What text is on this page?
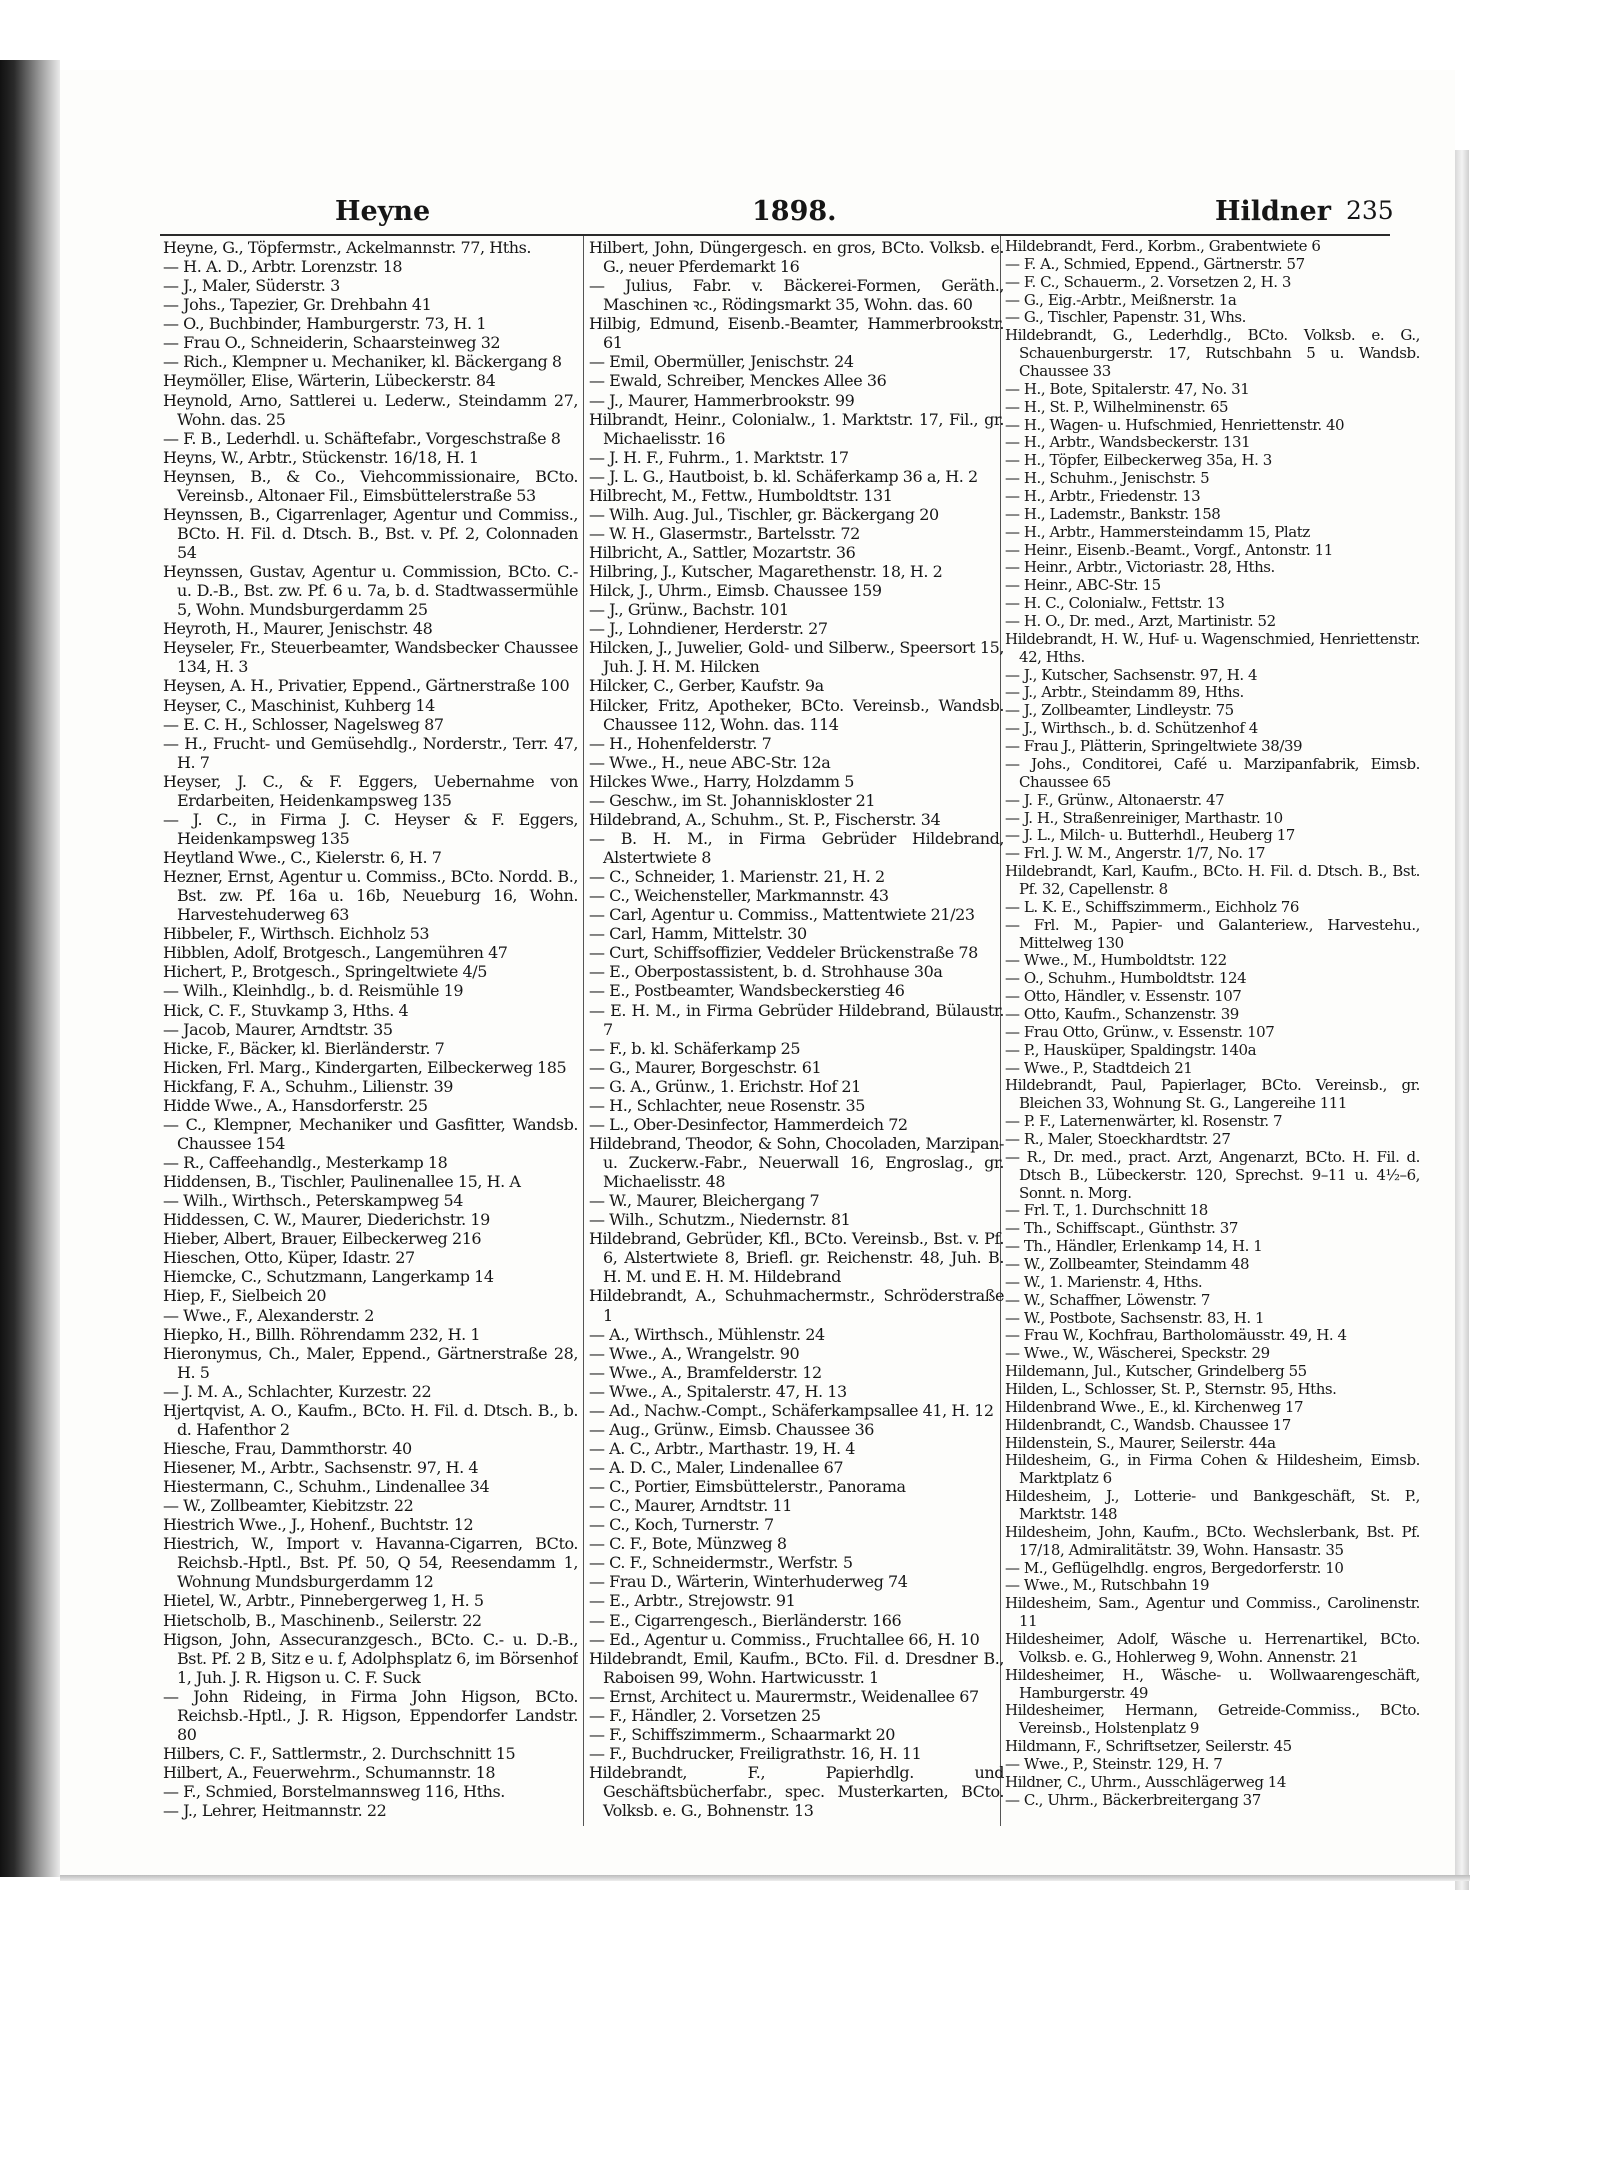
Heyne	1898.	Hildner 235

Heyne, G., Töpfermstr., Ackelmannstr. 77, Hths.

— H. A. D., Arbtr. Lorenzstr. 18

— J., Maler, Süderstr. 3

— Johs., Tapezier, Gr. Drehbahn 41

— O., Buchbinder, Hamburgerstr. 73, H. 1

— Frau O., Schneiderin, Schaarsteinweg 32

— Rich., Klempner u. Mechaniker, kl. Bäckergang 8

Heymöller, Elise, Wärterin, Lübeckerstr. 84

Heynold, Arno, Sattlerei u. Lederw., Steindamm 27, Wohn. das. 25

— F. B., Lederhdl. u. Schäftefabr., Vorgeschstraße 8

Heyns, W., Arbtr., Stückenstr. 16/18, H. 1

Heynsen, B., & Co., Viehcommissionaire, BCto. Vereinsb., Altonaer Fil., Eimsbüttelerstraße 53

Heynssen, B., Cigarrenlager, Agentur und Commiss., BCto. H. Fil. d. Dtsch. B., Bst. v. Pf. 2, Colonnaden 54

Heynssen, Gustav, Agentur u. Commission, BCto. C.-u. D.-B., Bst. zw. Pf. 6 u. 7a, b. d. Stadtwassermühle 5, Wohn. Mundsburgerdamm 25

Heyroth, H., Maurer, Jenischstr. 48

Heyseler, Fr., Steuerbeamter, Wandsbecker Chaussee 134, H. 3

Heysen, A. H., Privatier, Eppend., Gärtnerstraße 100

Heyser, C., Maschinist, Kuhberg 14

— E. C. H., Schlosser, Nagelsweg 87

— H., Frucht- und Gemüsehdlg., Norderstr., Terr. 47, H. 7

Heyser, J. C., & F. Eggers, Uebernahme von Erdarbeiten, Heidenkampsweg 135

— J. C., in Firma J. C. Heyser & F. Eggers, Heidenkampsweg 135

Heytland Wwe., C., Kielerstr. 6, H. 7

Hezner, Ernst, Agentur u. Commiss., BCto. Nordd. B., Bst. zw. Pf. 16a u. 16b, Neueburg 16, Wohn. Harvestehuderweg 63

Hibbeler, F., Wirthsch. Eichholz 53

Hibblen, Adolf, Brotgesch., Langemühren 47

Hichert, P., Brotgesch., Springeltwiete 4/5

— Wilh., Kleinhdlg., b. d. Reismühle 19

Hick, C. F., Stuvkamp 3, Hths. 4

— Jacob, Maurer, Arndtstr. 35

Hicke, F., Bäcker, kl. Bierländerstr. 7

Hicken, Frl. Marg., Kindergarten, Eilbeckerweg 185

Hickfang, F. A., Schuhm., Lilienstr. 39

Hidde Wwe., A., Hansdorferstr. 25

— C., Klempner, Mechaniker und Gasfitter, Wandsb. Chaussee 154

— R., Caffeehandlg., Mesterkamp 18

Hiddensen, B., Tischler, Paulinenallee 15, H. A

— Wilh., Wirthsch., Peterskampweg 54

Hiddessen, C. W., Maurer, Diederichstr. 19

Hieber, Albert, Brauer, Eilbeckerweg 216

Hieschen, Otto, Küper, Idastr. 27

Hiemcke, C., Schutzmann, Langerkamp 14

Hiep, F., Sielbeich 20

— Wwe., F., Alexanderstr. 2

Hiepko, H., Billh. Röhrendamm 232, H. 1

Hieronymus, Ch., Maler, Eppend., Gärtnerstraße 28, H. 5

— J. M. A., Schlachter, Kurzestr. 22

Hjertqvist, A. O., Kaufm., BCto. H. Fil. d. Dtsch. B., b. d. Hafenthor 2

Hiesche, Frau, Dammthorstr. 40

Hiesener, M., Arbtr., Sachsenstr. 97, H. 4

Hiestermann, C., Schuhm., Lindenallee 34

— W., Zollbeamter, Kiebitzstr. 22

Hiestrich Wwe., J., Hohenf., Buchtstr. 12

Hiestrich, W., Import v. Havanna-Cigarren, BCto. Reichsb.-Hptl., Bst. Pf. 50, Q 54, Reesendamm 1, Wohnung Mundsburgerdamm 12

Hietel, W., Arbtr., Pinnebergerweg 1, H. 5

Hietscholb, B., Maschinenb., Seilerstr. 22

Higson, John, Assecuranzgesch., BCto. C.- u. D.-B., Bst. Pf. 2 B, Sitz e u. f, Adolphsplatz 6, im Börsenhof 1, Juh. J. R. Higson u. C. F. Suck

— John Rideing, in Firma John Higson, BCto. Reichsb.-Hptl., J. R. Higson, Eppendorfer Landstr. 80

Hilbers, C. F., Sattlermstr., 2. Durchschnitt 15

Hilbert, A., Feuerwehrm., Schumannstr. 18

— F., Schmied, Borstelmannsweg 116, Hths.

— J., Lehrer, Heitmannstr. 22

Hilbert, John, Düngergesch. en gros, BCto. Volksb. e. G., neuer Pferdemarkt 16

— Julius, Fabr. v. Bäckerei-Formen, Geräth., Maschinen ꝛc., Rödingsmarkt 35, Wohn. das. 60

Hilbig, Edmund, Eisenb.-Beamter, Hammerbrookstr. 61

— Emil, Obermüller, Jenischstr. 24

— Ewald, Schreiber, Menckes Allee 36

— J., Maurer, Hammerbrookstr. 99

Hilbrandt, Heinr., Colonialw., 1. Marktstr. 17, Fil., gr. Michaelisstr. 16

— J. H. F., Fuhrm., 1. Marktstr. 17

— J. L. G., Hautboist, b. kl. Schäferkamp 36 a, H. 2

Hilbrecht, M., Fettw., Humboldtstr. 131

— Wilh. Aug. Jul., Tischler, gr. Bäckergang 20

— W. H., Glasermstr., Bartelsstr. 72

Hilbricht, A., Sattler, Mozartstr. 36

Hilbring, J., Kutscher, Magarethenstr. 18, H. 2

Hilck, J., Uhrm., Eimsb. Chaussee 159

— J., Grünw., Bachstr. 101

— J., Lohndiener, Herderstr. 27

Hilcken, J., Juwelier, Gold- und Silberw., Speersort 15, Juh. J. H. M. Hilcken

Hilcker, C., Gerber, Kaufstr. 9a

Hilcker, Fritz, Apotheker, BCto. Vereinsb., Wandsb. Chaussee 112, Wohn. das. 114

— H., Hohenfelderstr. 7

— Wwe., H., neue ABC-Str. 12a

Hilckes Wwe., Harry, Holzdamm 5

— Geschw., im St. Johanniskloster 21

Hildebrand, A., Schuhm., St. P., Fischerstr. 34

— B. H. M., in Firma Gebrüder Hildebrand, Alstertwiete 8

— C., Schneider, 1. Marienstr. 21, H. 2

— C., Weichensteller, Markmannstr. 43

— Carl, Agentur u. Commiss., Mattentwiete 21/23

— Carl, Hamm, Mittelstr. 30

— Curt, Schiffsoffizier, Veddeler Brückenstraße 78

— E., Oberpostassistent, b. d. Strohhause 30a

— E., Postbeamter, Wandsbeckerstieg 46

— E. H. M., in Firma Gebrüder Hildebrand, Bülaustr. 7

— F., b. kl. Schäferkamp 25

— G., Maurer, Borgeschstr. 61

— G. A., Grünw., 1. Erichstr. Hof 21

— H., Schlachter, neue Rosenstr. 35

— L., Ober-Desinfector, Hammerdeich 72

Hildebrand, Theodor, & Sohn, Chocoladen, Marzipan- u. Zuckerw.-Fabr., Neuerwall 16, Engroslag., gr. Michaelisstr. 48

— W., Maurer, Bleichergang 7

— Wilh., Schutzm., Niedernstr. 81

Hildebrand, Gebrüder, Kfl., BCto. Vereinsb., Bst. v. Pf. 6, Alstertwiete 8, Briefl. gr. Reichenstr. 48, Juh. B. H. M. und E. H. M. Hildebrand

Hildebrandt, A., Schuhmachermstr., Schröderstraße 1

— A., Wirthsch., Mühlenstr. 24

— Wwe., A., Wrangelstr. 90

— Wwe., A., Bramfelderstr. 12

— Wwe., A., Spitalerstr. 47, H. 13

— Ad., Nachw.-Compt., Schäferkampsallee 41, H. 12

— Aug., Grünw., Eimsb. Chaussee 36

— A. C., Arbtr., Marthastr. 19, H. 4

— A. D. C., Maler, Lindenallee 67

— C., Portier, Eimsbüttelerstr., Panorama

— C., Maurer, Arndtstr. 11

— C., Koch, Turnerstr. 7

— C. F., Bote, Münzweg 8

— C. F., Schneidermstr., Werfstr. 5

— Frau D., Wärterin, Winterhuderweg 74

— E., Arbtr., Strejowstr. 91

— E., Cigarrengesch., Bierländerstr. 166

— Ed., Agentur u. Commiss., Fruchtallee 66, H. 10

Hildebrandt, Emil, Kaufm., BCto. Fil. d. Dresdner B., Raboisen 99, Wohn. Hartwicusstr. 1

— Ernst, Architect u. Maurermstr., Weidenallee 67

— F., Händler, 2. Vorsetzen 25

— F., Schiffszimmerm., Schaarmarkt 20

— F., Buchdrucker, Freiligrathstr. 16, H. 11

Hildebrandt, F., Papierhdlg. und Geschäftsbücherfabr., spec. Musterkarten, BCto. Volksb. e. G., Bohnenstr. 13

Hildebrandt, Ferd., Korbm., Grabentwiete 6

— F. A., Schmied, Eppend., Gärtnerstr. 57

— F. C., Schauerm., 2. Vorsetzen 2, H. 3

— G., Eig.-Arbtr., Meißnerstr. 1a

— G., Tischler, Papenstr. 31, Whs.

Hildebrandt, G., Lederhdlg., BCto. Volksb. e. G., Schauenburgerstr. 17, Rutschbahn 5 u. Wandsb. Chaussee 33

— H., Bote, Spitalerstr. 47, No. 31

— H., St. P., Wilhelminenstr. 65

— H., Wagen- u. Hufschmied, Henriettenstr. 40

— H., Arbtr., Wandsbeckerstr. 131

— H., Töpfer, Eilbeckerweg 35a, H. 3

— H., Schuhm., Jenischstr. 5

— H., Arbtr., Friedenstr. 13

— H., Lademstr., Bankstr. 158

— H., Arbtr., Hammersteindamm 15, Platz

— Heinr., Eisenb.-Beamt., Vorgf., Antonstr. 11

— Heinr., Arbtr., Victoriastr. 28, Hths.

— Heinr., ABC-Str. 15

— H. C., Colonialw., Fettstr. 13

— H. O., Dr. med., Arzt, Martinistr. 52

Hildebrandt, H. W., Huf- u. Wagenschmied, Henriettenstr. 42, Hths.

— J., Kutscher, Sachsenstr. 97, H. 4

— J., Arbtr., Steindamm 89, Hths.

— J., Zollbeamter, Lindleystr. 75

— J., Wirthsch., b. d. Schützenhof 4

— Frau J., Plätterin, Springeltwiete 38/39

— Johs., Conditorei, Café u. Marzipanfabrik, Eimsb. Chaussee 65

— J. F., Grünw., Altonaerstr. 47

— J. H., Straßenreiniger, Marthastr. 10

— J. L., Milch- u. Butterhdl., Heuberg 17

— Frl. J. W. M., Angerstr. 1/7, No. 17

Hildebrandt, Karl, Kaufm., BCto. H. Fil. d. Dtsch. B., Bst. Pf. 32, Capellenstr. 8

— L. K. E., Schiffszimmerm., Eichholz 76

— Frl. M., Papier- und Galanteriew., Harvestehu., Mittelweg 130

— Wwe., M., Humboldtstr. 122

— O., Schuhm., Humboldtstr. 124

— Otto, Händler, v. Essenstr. 107

— Otto, Kaufm., Schanzenstr. 39

— Frau Otto, Grünw., v. Essenstr. 107

— P., Hausküper, Spaldingstr. 140a

— Wwe., P., Stadtdeich 21

Hildebrandt, Paul, Papierlager, BCto. Vereinsb., gr. Bleichen 33, Wohnung St. G., Langereihe 111

— P. F., Laternenwärter, kl. Rosenstr. 7

— R., Maler, Stoeckhardtstr. 27

— R., Dr. med., pract. Arzt, Angenarzt, BCto. H. Fil. d. Dtsch B., Lübeckerstr. 120, Sprechst. 9–11 u. 4½–6, Sonnt. n. Morg.

— Frl. T., 1. Durchschnitt 18

— Th., Schiffscapt., Günthstr. 37

— Th., Händler, Erlenkamp 14, H. 1

— W., Zollbeamter, Steindamm 48

— W., 1. Marienstr. 4, Hths.

— W., Schaffner, Löwenstr. 7

— W., Postbote, Sachsenstr. 83, H. 1

— Frau W., Kochfrau, Bartholomäusstr. 49, H. 4

— Wwe., W., Wäscherei, Speckstr. 29

Hildemann, Jul., Kutscher, Grindelberg 55

Hilden, L., Schlosser, St. P., Sternstr. 95, Hths.

Hildenbrand Wwe., E., kl. Kirchenweg 17

Hildenbrandt, C., Wandsb. Chaussee 17

Hildenstein, S., Maurer, Seilerstr. 44a

Hildesheim, G., in Firma Cohen & Hildesheim, Eimsb. Marktplatz 6

Hildesheim, J., Lotterie- und Bankgeschäft, St. P., Marktstr. 148

Hildesheim, John, Kaufm., BCto. Wechslerbank, Bst. Pf. 17/18, Admiralitätstr. 39, Wohn. Hansastr. 35

— M., Geflügelhdlg. engros, Bergedorferstr. 10

— Wwe., M., Rutschbahn 19

Hildesheim, Sam., Agentur und Commiss., Carolinenstr. 11

Hildesheimer, Adolf, Wäsche u. Herrenartikel, BCto. Volksb. e. G., Hohlerweg 9, Wohn. Annenstr. 21

Hildesheimer, H., Wäsche- u. Wollwaarengeschäft, Hamburgerstr. 49

Hildesheimer, Hermann, Getreide-Commiss., BCto. Vereinsb., Holstenplatz 9

Hildmann, F., Schriftsetzer, Seilerstr. 45

— Wwe., P., Steinstr. 129, H. 7

Hildner, C., Uhrm., Ausschlägerweg 14

— C., Uhrm., Bäckerbreitergang 37
